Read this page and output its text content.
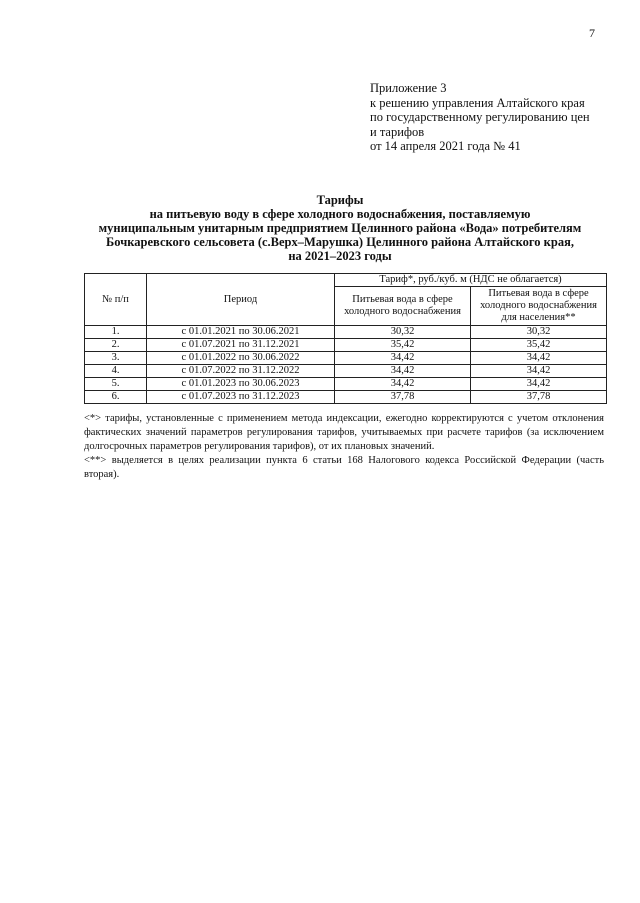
7
Приложение 3
к решению управления Алтайского края
по государственному регулированию цен
и тарифов
от 14 апреля 2021 года № 41
Тарифы
на питьевую воду в сфере холодного водоснабжения, поставляемую
муниципальным унитарным предприятием Целинного района «Вода» потребителям
Бочкаревского сельсовета (с.Верх–Марушка) Целинного района Алтайского края,
на 2021–2023 годы
№ п/п	Период	Тариф*, руб./куб. м (НДС не облагается)	
		Питьевая вода в сфере холодного водоснабжения	Питьевая вода в сфере холодного водоснабжения для населения**
1.	с 01.01.2021 по 30.06.2021	30,32	30,32
2.	с 01.07.2021 по 31.12.2021	35,42	35,42
3.	с 01.01.2022 по 30.06.2022	34,42	34,42
4.	с 01.07.2022 по 31.12.2022	34,42	34,42
5.	с 01.01.2023 по 30.06.2023	34,42	34,42
6.	с 01.07.2023 по 31.12.2023	37,78	37,78

<*> тарифы, установленные с применением метода индексации, ежегодно корректируются с учетом отклонения фактических значений параметров регулирования тарифов, учитываемых при расчете тарифов (за исключением долгосрочных параметров регулирования тарифов), от их плановых значений.

<**> выделяется в целях реализации пункта 6 статьи 168 Налогового кодекса Российской Федерации (часть вторая).
